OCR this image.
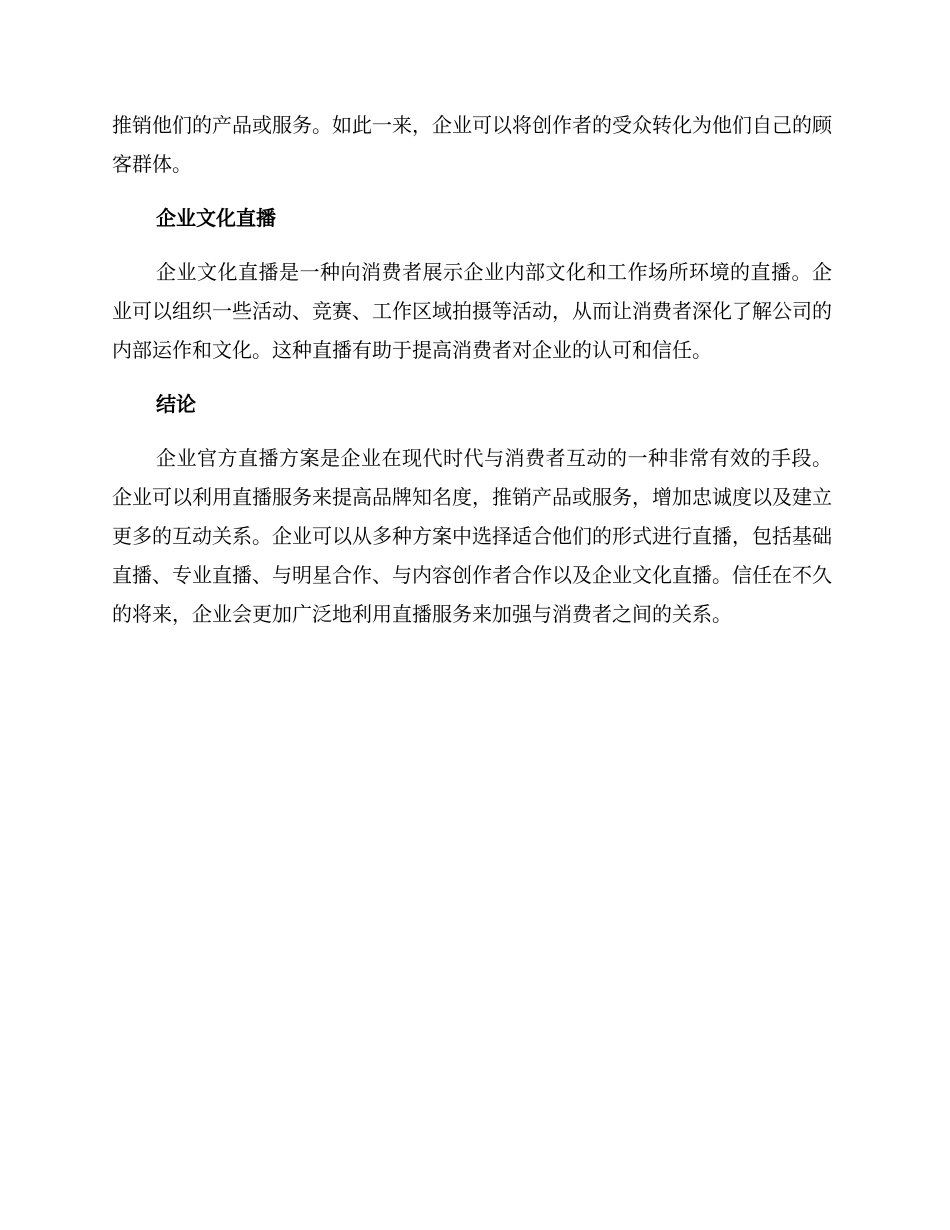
推销他们的产品或服务。如此一来，企业可以将创作者的受众转化为他们自己的顾客群体。

企业文化直播

企业文化直播是一种向消费者展示企业内部文化和工作场所环境的直播。企业可以组织一些活动、竞赛、工作区域拍摄等活动，从而让消费者深化了解公司的内部运作和文化。这种直播有助于提高消费者对企业的认可和信任。

结论

企业官方直播方案是企业在现代时代与消费者互动的一种非常有效的手段。企业可以利用直播服务来提高品牌知名度，推销产品或服务，增加忠诚度以及建立更多的互动关系。企业可以从多种方案中选择适合他们的形式进行直播，包括基础直播、专业直播、与明星合作、与内容创作者合作以及企业文化直播。信任在不久的将来，企业会更加广泛地利用直播服务来加强与消费者之间的关系。
